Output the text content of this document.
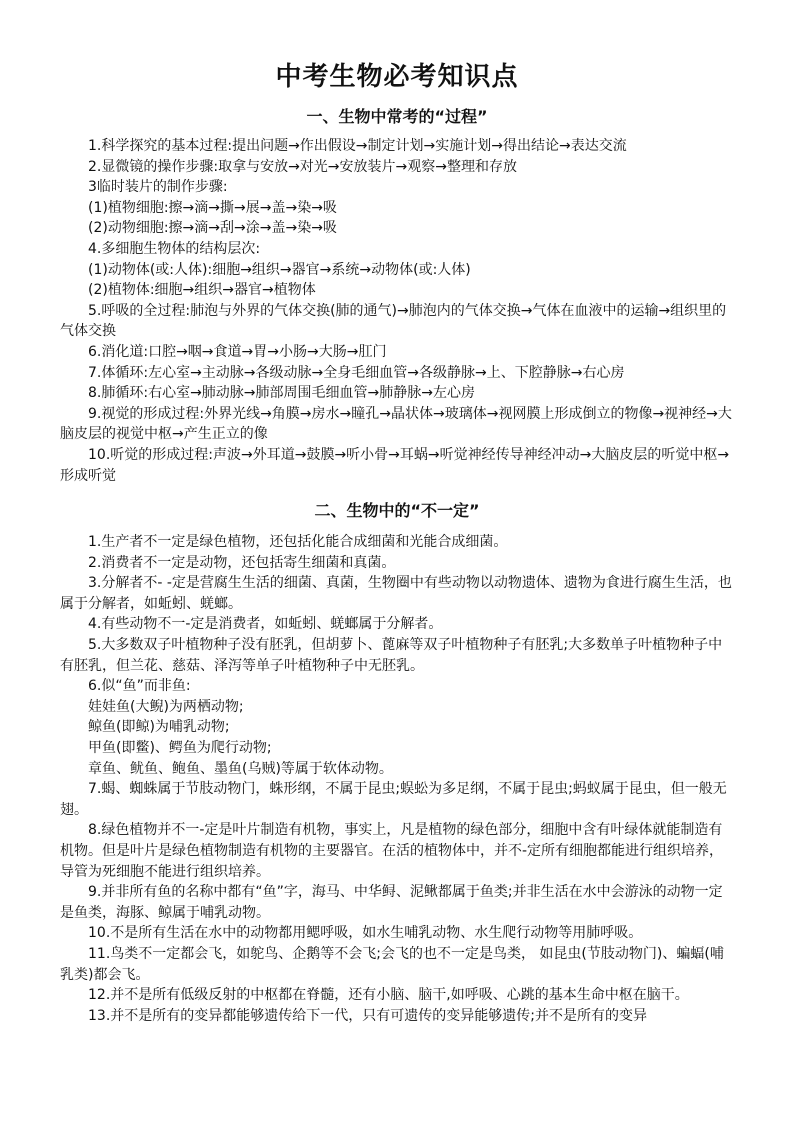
中考生物必考知识点
一、生物中常考的“过程”

1.科学探究的基本过程:提出问题→作出假设→制定计划→实施计划→得出结论→表达交流

2.显微镜的操作步骤:取拿与安放→对光→安放装片→观察→整理和存放

3临时装片的制作步骤:

(1)植物细胞:擦→滴→撕→展→盖→染→吸

(2)动物细胞:擦→滴→刮→涂→盖→染→吸

4.多细胞生物体的结构层次:

(1)动物体(或:人体):细胞→组织→器官→系统→动物体(或:人体)

(2)植物体:细胞→组织→器官→植物体

5.呼吸的全过程:肺泡与外界的气体交换(肺的通气)→肺泡内的气体交换→气体在血液中的运输→组织里的气体交换

6.消化道:口腔→咽→食道→胃→小肠→大肠→肛门

7.体循环:左心室→主动脉→各级动脉→全身毛细血管→各级静脉→上、下腔静脉→右心房

8.肺循环:右心室→肺动脉→肺部周围毛细血管→肺静脉→左心房

9.视觉的形成过程:外界光线→角膜→房水→瞳孔→晶状体→玻璃体→视网膜上形成倒立的物像→视神经→大脑皮层的视觉中枢→产生正立的像

10.听觉的形成过程:声波→外耳道→鼓膜→听小骨→耳蜗→听觉神经传导神经冲动→大脑皮层的听觉中枢→形成听觉

二、生物中的“不一定”

1.生产者不一定是绿色植物，还包括化能合成细菌和光能合成细菌。

2.消费者不一定是动物，还包括寄生细菌和真菌。

3.分解者不- -定是营腐生生活的细菌、真菌，生物圈中有些动物以动物遗体、遗物为食进行腐生生活，也属于分解者，如蚯蚓、蜣螂。

4.有些动物不一-定是消费者，如蚯蚓、蜣螂属于分解者。

5.大多数双子叶植物种子没有胚乳，但胡萝卜、蓖麻等双子叶植物种子有胚乳;大多数单子叶植物种子中有胚乳，但兰花、慈菇、泽泻等单子叶植物种子中无胚乳。

6.似“鱼”而非鱼:

娃娃鱼(大鲵)为两栖动物;

鲸鱼(即鲸)为哺乳动物;

甲鱼(即鳖)、鳄鱼为爬行动物;

章鱼、鱿鱼、鲍鱼、墨鱼(乌贼)等属于软体动物。

7.蝎、蜘蛛属于节肢动物门，蛛形纲，不属于昆虫;蜈蚣为多足纲，不属于昆虫;蚂蚁属于昆虫，但一般无翅。

8.绿色植物并不一-定是叶片制造有机物，事实上，凡是植物的绿色部分，细胞中含有叶绿体就能制造有机物。但是叶片是绿色植物制造有机物的主要器官。在活的植物体中，并不-定所有细胞都能进行组织培养，导管为死细胞不能进行组织培养。

9.并非所有鱼的名称中都有“鱼”字，海马、中华鲟、泥鳅都属于鱼类;并非生活在水中会游泳的动物一定是鱼类，海豚、鲸属于哺乳动物。

10.不是所有生活在水中的动物都用鳃呼吸，如水生哺乳动物、水生爬行动物等用肺呼吸。

11.鸟类不一定都会飞，如鸵鸟、企鹅等不会飞;会飞的也不一定是鸟类， 如昆虫(节肢动物门)、蝙蝠(哺乳类)都会飞。

12.并不是所有低级反射的中枢都在脊髓，还有小脑、脑干,如呼吸、心跳的基本生命中枢在脑干。

13.并不是所有的变异都能够遗传给下一代，只有可遗传的变异能够遗传;并不是所有的变异
